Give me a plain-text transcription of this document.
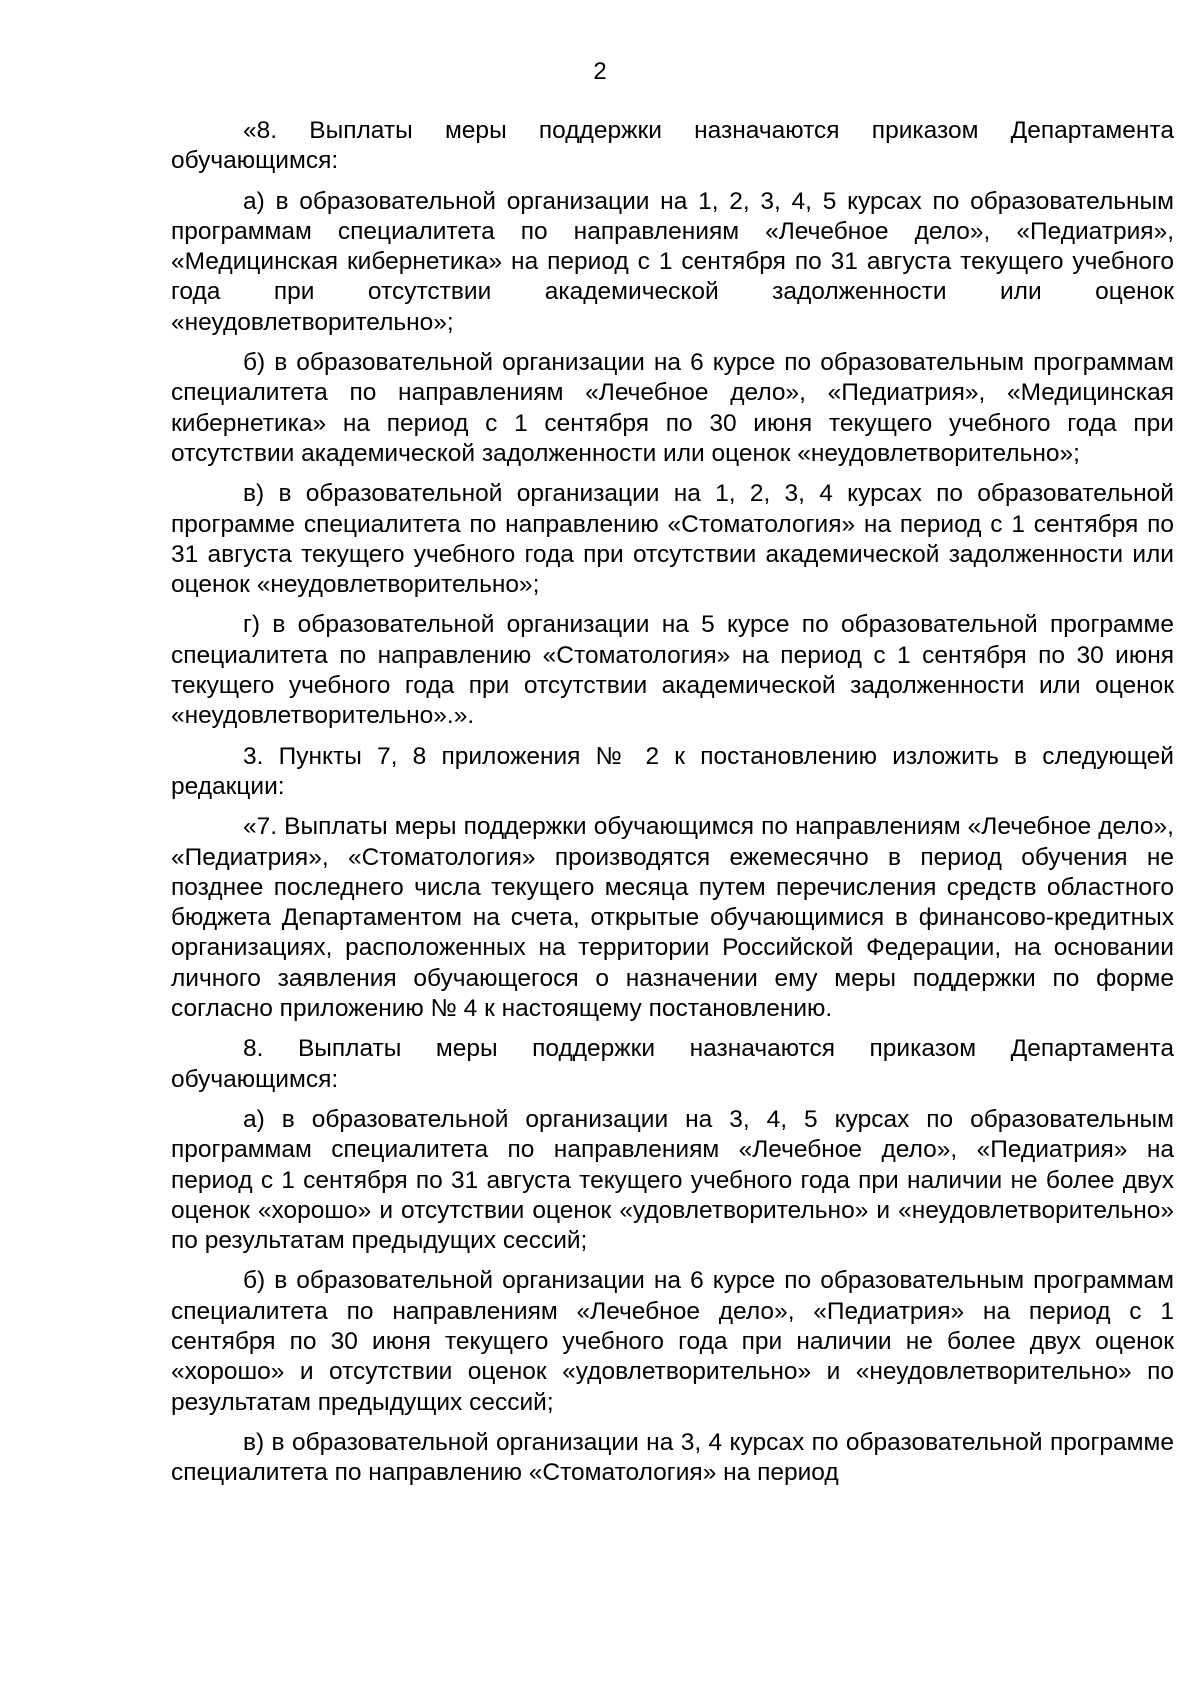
2

«8. Выплаты меры поддержки назначаются приказом Департамента обучающимся:

а) в образовательной организации на 1, 2, 3, 4, 5 курсах по образовательным программам специалитета по направлениям «Лечебное дело», «Педиатрия», «Медицинская кибернетика» на период с 1 сентября по 31 августа текущего учебного года при отсутствии академической задолженности или оценок «неудовлетворительно»;

б) в образовательной организации на 6 курсе по образовательным программам специалитета по направлениям «Лечебное дело», «Педиатрия», «Медицинская кибернетика» на период с 1 сентября по 30 июня текущего учебного года при отсутствии академической задолженности или оценок «неудовлетворительно»;

в) в образовательной организации на 1, 2, 3, 4 курсах по образовательной программе специалитета по направлению «Стоматология» на период с 1 сентября по 31 августа текущего учебного года при отсутствии академической задолженности или оценок «неудовлетворительно»;

г) в образовательной организации на 5 курсе по образовательной программе специалитета по направлению «Стоматология» на период с 1 сентября по 30 июня текущего учебного года при отсутствии академической задолженности или оценок «неудовлетворительно».».

3. Пункты 7, 8 приложения № 2 к постановлению изложить в следующей редакции:

«7. Выплаты меры поддержки обучающимся по направлениям «Лечебное дело», «Педиатрия», «Стоматология» производятся ежемесячно в период обучения не позднее последнего числа текущего месяца путем перечисления средств областного бюджета Департаментом на счета, открытые обучающимися в финансово-кредитных организациях, расположенных на территории Российской Федерации, на основании личного заявления обучающегося о назначении ему меры поддержки по форме согласно приложению № 4 к настоящему постановлению.

8. Выплаты меры поддержки назначаются приказом Департамента обучающимся:

а) в образовательной организации на 3, 4, 5 курсах по образовательным программам специалитета по направлениям «Лечебное дело», «Педиатрия» на период с 1 сентября по 31 августа текущего учебного года при наличии не более двух оценок «хорошо» и отсутствии оценок «удовлетворительно» и «неудовлетворительно» по результатам предыдущих сессий;

б) в образовательной организации на 6 курсе по образовательным программам специалитета по направлениям «Лечебное дело», «Педиатрия» на период с 1 сентября по 30 июня текущего учебного года при наличии не более двух оценок «хорошо» и отсутствии оценок «удовлетворительно» и «неудовлетворительно» по результатам предыдущих сессий;

в) в образовательной организации на 3, 4 курсах по образовательной программе специалитета по направлению «Стоматология» на период
